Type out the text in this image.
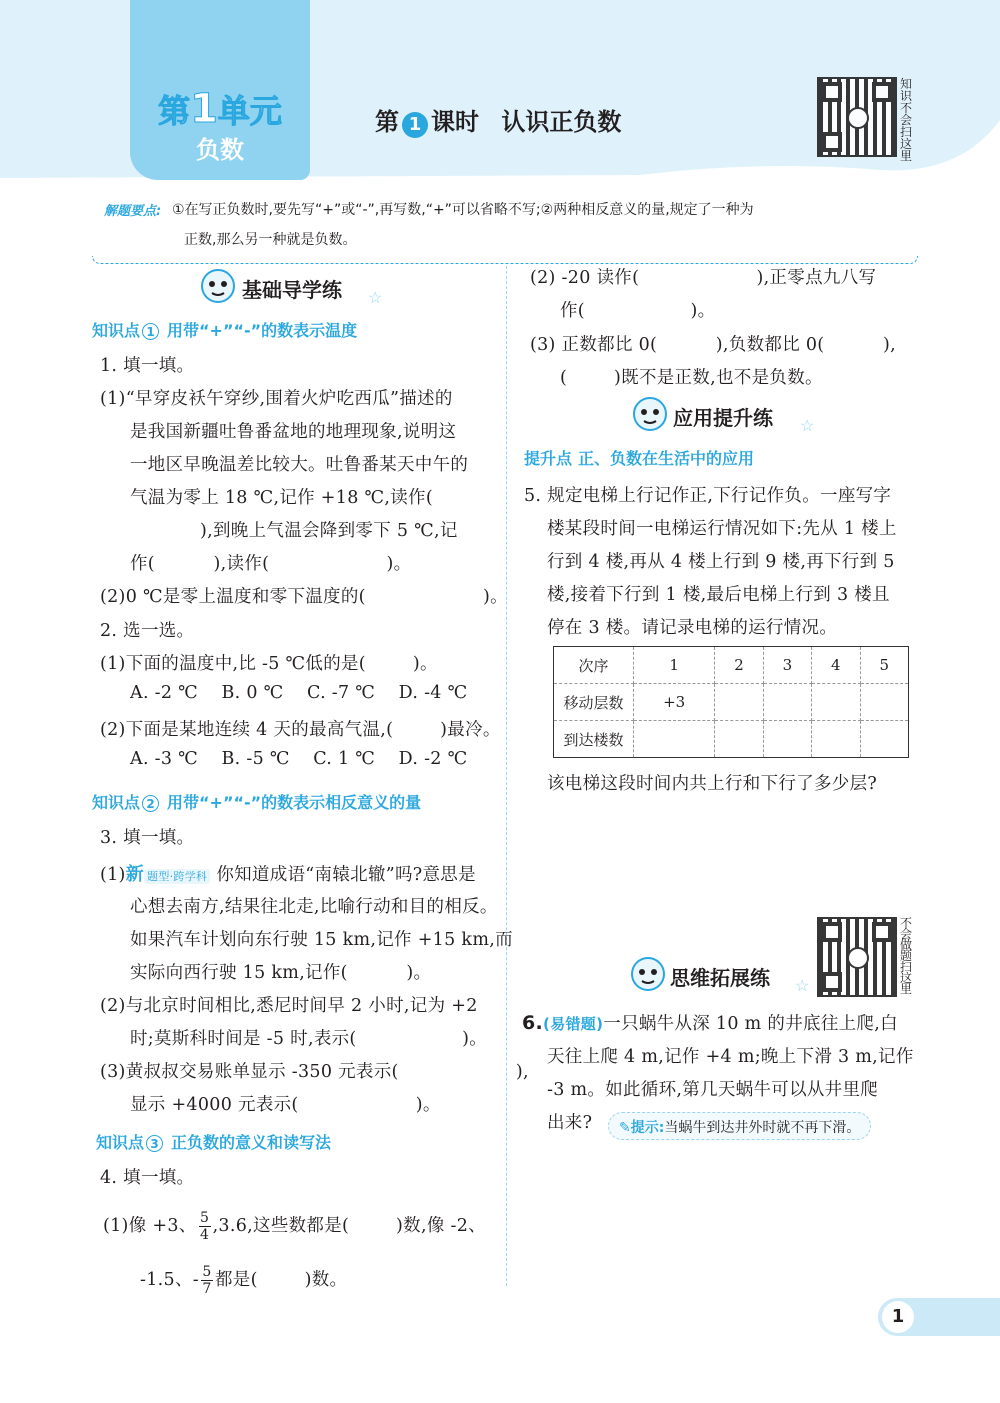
第1单元
负数
第 1 课时 认识正负数
知识不会扫这里
解题要点: ①在写正负数时,要先写“+”或“-”,再写数,“+”可以省略不写;②两种相反意义的量,规定了一种为
正数,那么另一种就是负数。
基础导学练 ☆
知识点 1 用带“+”“-”的数表示温度
1. 填一填。
(1)“早穿皮袄午穿纱,围着火炉吃西瓜”描述的
是我国新疆吐鲁番盆地的地理现象,说明这
一地区早晚温差比较大。吐鲁番某天中午的
气温为零上 18 ℃,记作 +18 ℃,读作(
),到晚上气温会降到零下 5 ℃,记
作(          ),读作(                    )。
(2)0 ℃是零上温度和零下温度的(                    )。
2. 选一选。
(1)下面的温度中,比 -5 ℃低的是(        )。
A. -2 ℃    B. 0 ℃    C. -7 ℃    D. -4 ℃
(2)下面是某地连续 4 天的最高气温,(        )最冷。
A. -3 ℃    B. -5 ℃    C. 1 ℃    D. -2 ℃
知识点 2 用带“+”“-”的数表示相反意义的量
3. 填一填。
(1)新 题型·跨学科 你知道成语“南辕北辙”吗?意思是
心想去南方,结果往北走,比喻行动和目的相反。
如果汽车计划向东行驶 15 km,记作 +15 km,而
实际向西行驶 15 km,记作(          )。
(2)与北京时间相比,悉尼时间早 2 小时,记为 +2
时;莫斯科时间是 -5 时,表示(                  )。
(3)黄叔叔交易账单显示 -350 元表示(                    ),
显示 +4000 元表示(                    )。
知识点 3 正负数的意义和读写法
4. 填一填。
(1)像 +3、 $\frac{5}{4} ,3.6$,这些数都是(        )数,像 -2、
-1.5、- $\frac{5}{7}$ 都是(        )数。
(2) -20 读作(                    ),正零点九八写
作(                  )。
(3) 正数都比 0(          ),负数都比 0(          ),
(        )既不是正数,也不是负数。
应用提升练 ☆
提升点 正、负数在生活中的应用
5. 规定电梯上行记作正,下行记作负。一座写字
楼某段时间一电梯运行情况如下:先从 1 楼上
行到 4 楼,再从 4 楼上行到 9 楼,再下行到 5
楼,接着下行到 1 楼,最后电梯上行到 3 楼且
停在 3 楼。请记录电梯的运行情况。
次序	1	2	3	4	5
移动层数	+3				
到达楼数					
该电梯这段时间内共上行和下行了多少层?
不会做题扫这里
思维拓展练 ☆
6.(易错题)一只蜗牛从深 10 m 的井底往上爬,白
天往上爬 4 m,记作 +4 m;晚上下滑 3 m,记作
-3 m。如此循环,第几天蜗牛可以从井里爬
出来?	✎提示:当蜗牛到达井外时就不再下滑。
1
